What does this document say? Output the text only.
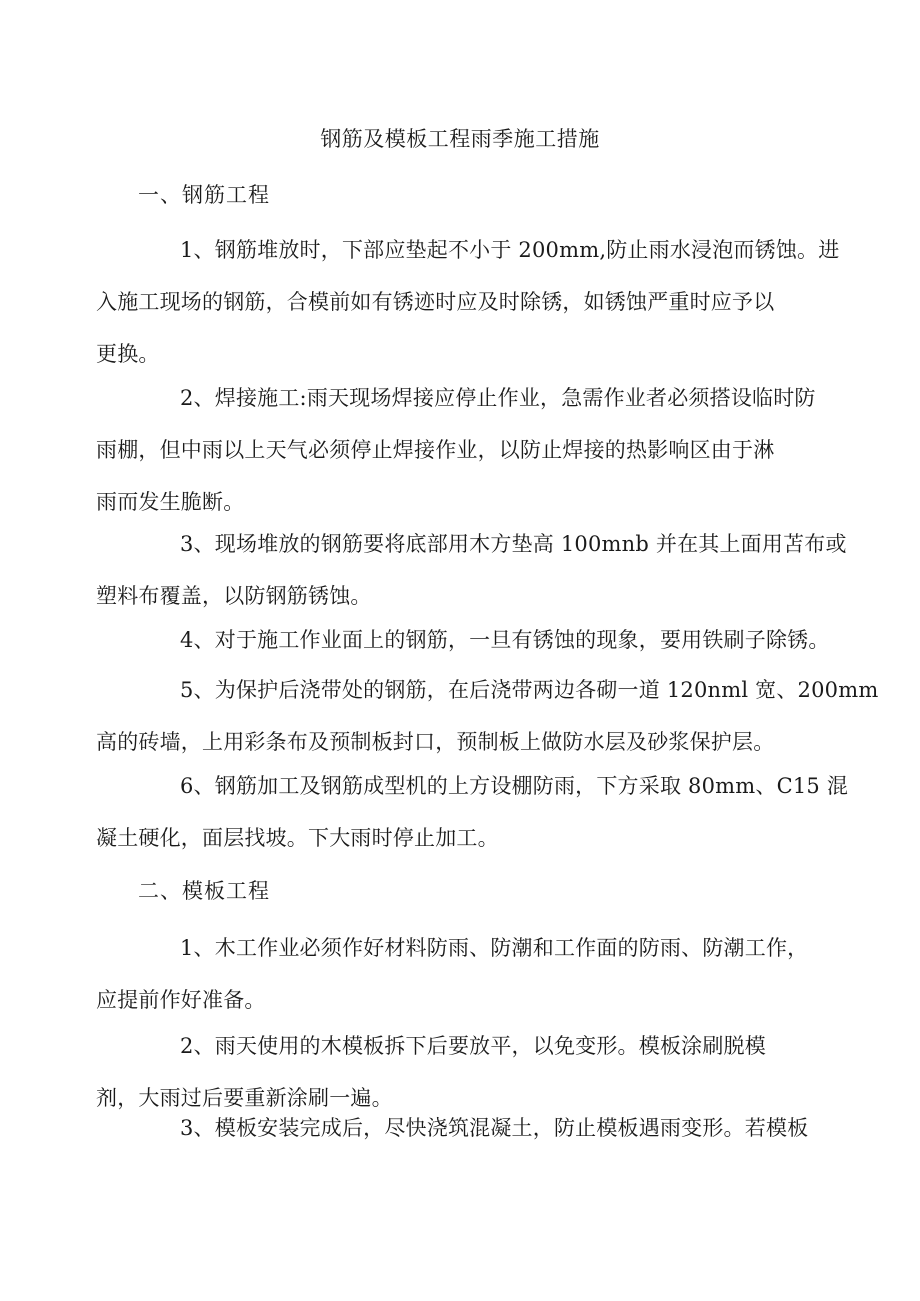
钢筋及模板工程雨季施工措施
一、钢筋工程
1、钢筋堆放时，下部应垫起不小于 200mm,防止雨水浸泡而锈蚀。进
入施工现场的钢筋，合模前如有锈迹时应及时除锈，如锈蚀严重时应予以
更换。
2、焊接施工:雨天现场焊接应停止作业，急需作业者必须搭设临时防
雨棚，但中雨以上天气必须停止焊接作业，以防止焊接的热影响区由于淋
雨而发生脆断。
3、现场堆放的钢筋要将底部用木方垫高 100mnb 并在其上面用苫布或
塑料布覆盖，以防钢筋锈蚀。
4、对于施工作业面上的钢筋，一旦有锈蚀的现象，要用铁刷子除锈。
5、为保护后浇带处的钢筋，在后浇带两边各砌一道 120nml 宽、200mm
高的砖墙，上用彩条布及预制板封口，预制板上做防水层及砂浆保护层。
6、钢筋加工及钢筋成型机的上方设棚防雨，下方采取 80mm、C15 混
凝土硬化，面层找坡。下大雨时停止加工。
二、模板工程
1、木工作业必须作好材料防雨、防潮和工作面的防雨、防潮工作，
应提前作好准备。
2、雨天使用的木模板拆下后要放平，以免变形。模板涂刷脱模
剂，大雨过后要重新涂刷一遍。
3、模板安装完成后，尽快浇筑混凝土，防止模板遇雨变形。若模板
